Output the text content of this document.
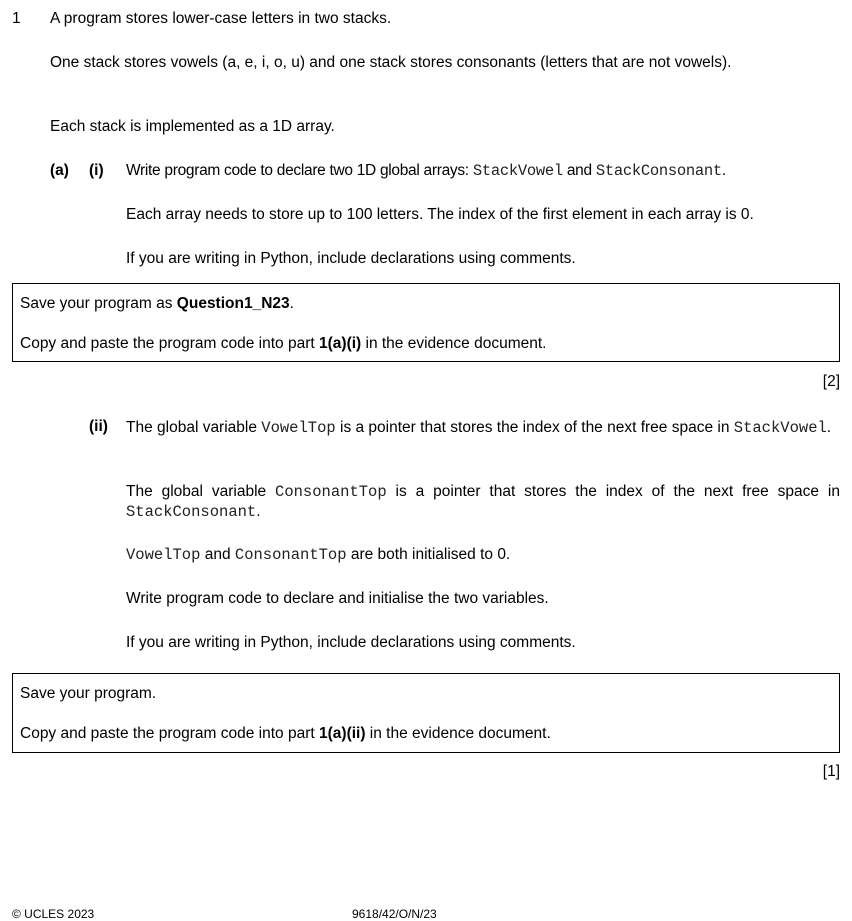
1 A program stores lower-case letters in two stacks.
One stack stores vowels (a, e, i, o, u) and one stack stores consonants (letters that are not vowels).
Each stack is implemented as a 1D array.
(a) (i) Write program code to declare two 1D global arrays: StackVowel and StackConsonant.
Each array needs to store up to 100 letters. The index of the first element in each array is 0.
If you are writing in Python, include declarations using comments.
Save your program as Question1_N23.
Copy and paste the program code into part 1(a)(i) in the evidence document.
[2]
(ii) The global variable VowelTop is a pointer that stores the index of the next free space in StackVowel.
The global variable ConsonantTop is a pointer that stores the index of the next free space in StackConsonant.
VowelTop and ConsonantTop are both initialised to 0.
Write program code to declare and initialise the two variables.
If you are writing in Python, include declarations using comments.
Save your program.
Copy and paste the program code into part 1(a)(ii) in the evidence document.
[1]
© UCLES 2023	9618/42/O/N/23
